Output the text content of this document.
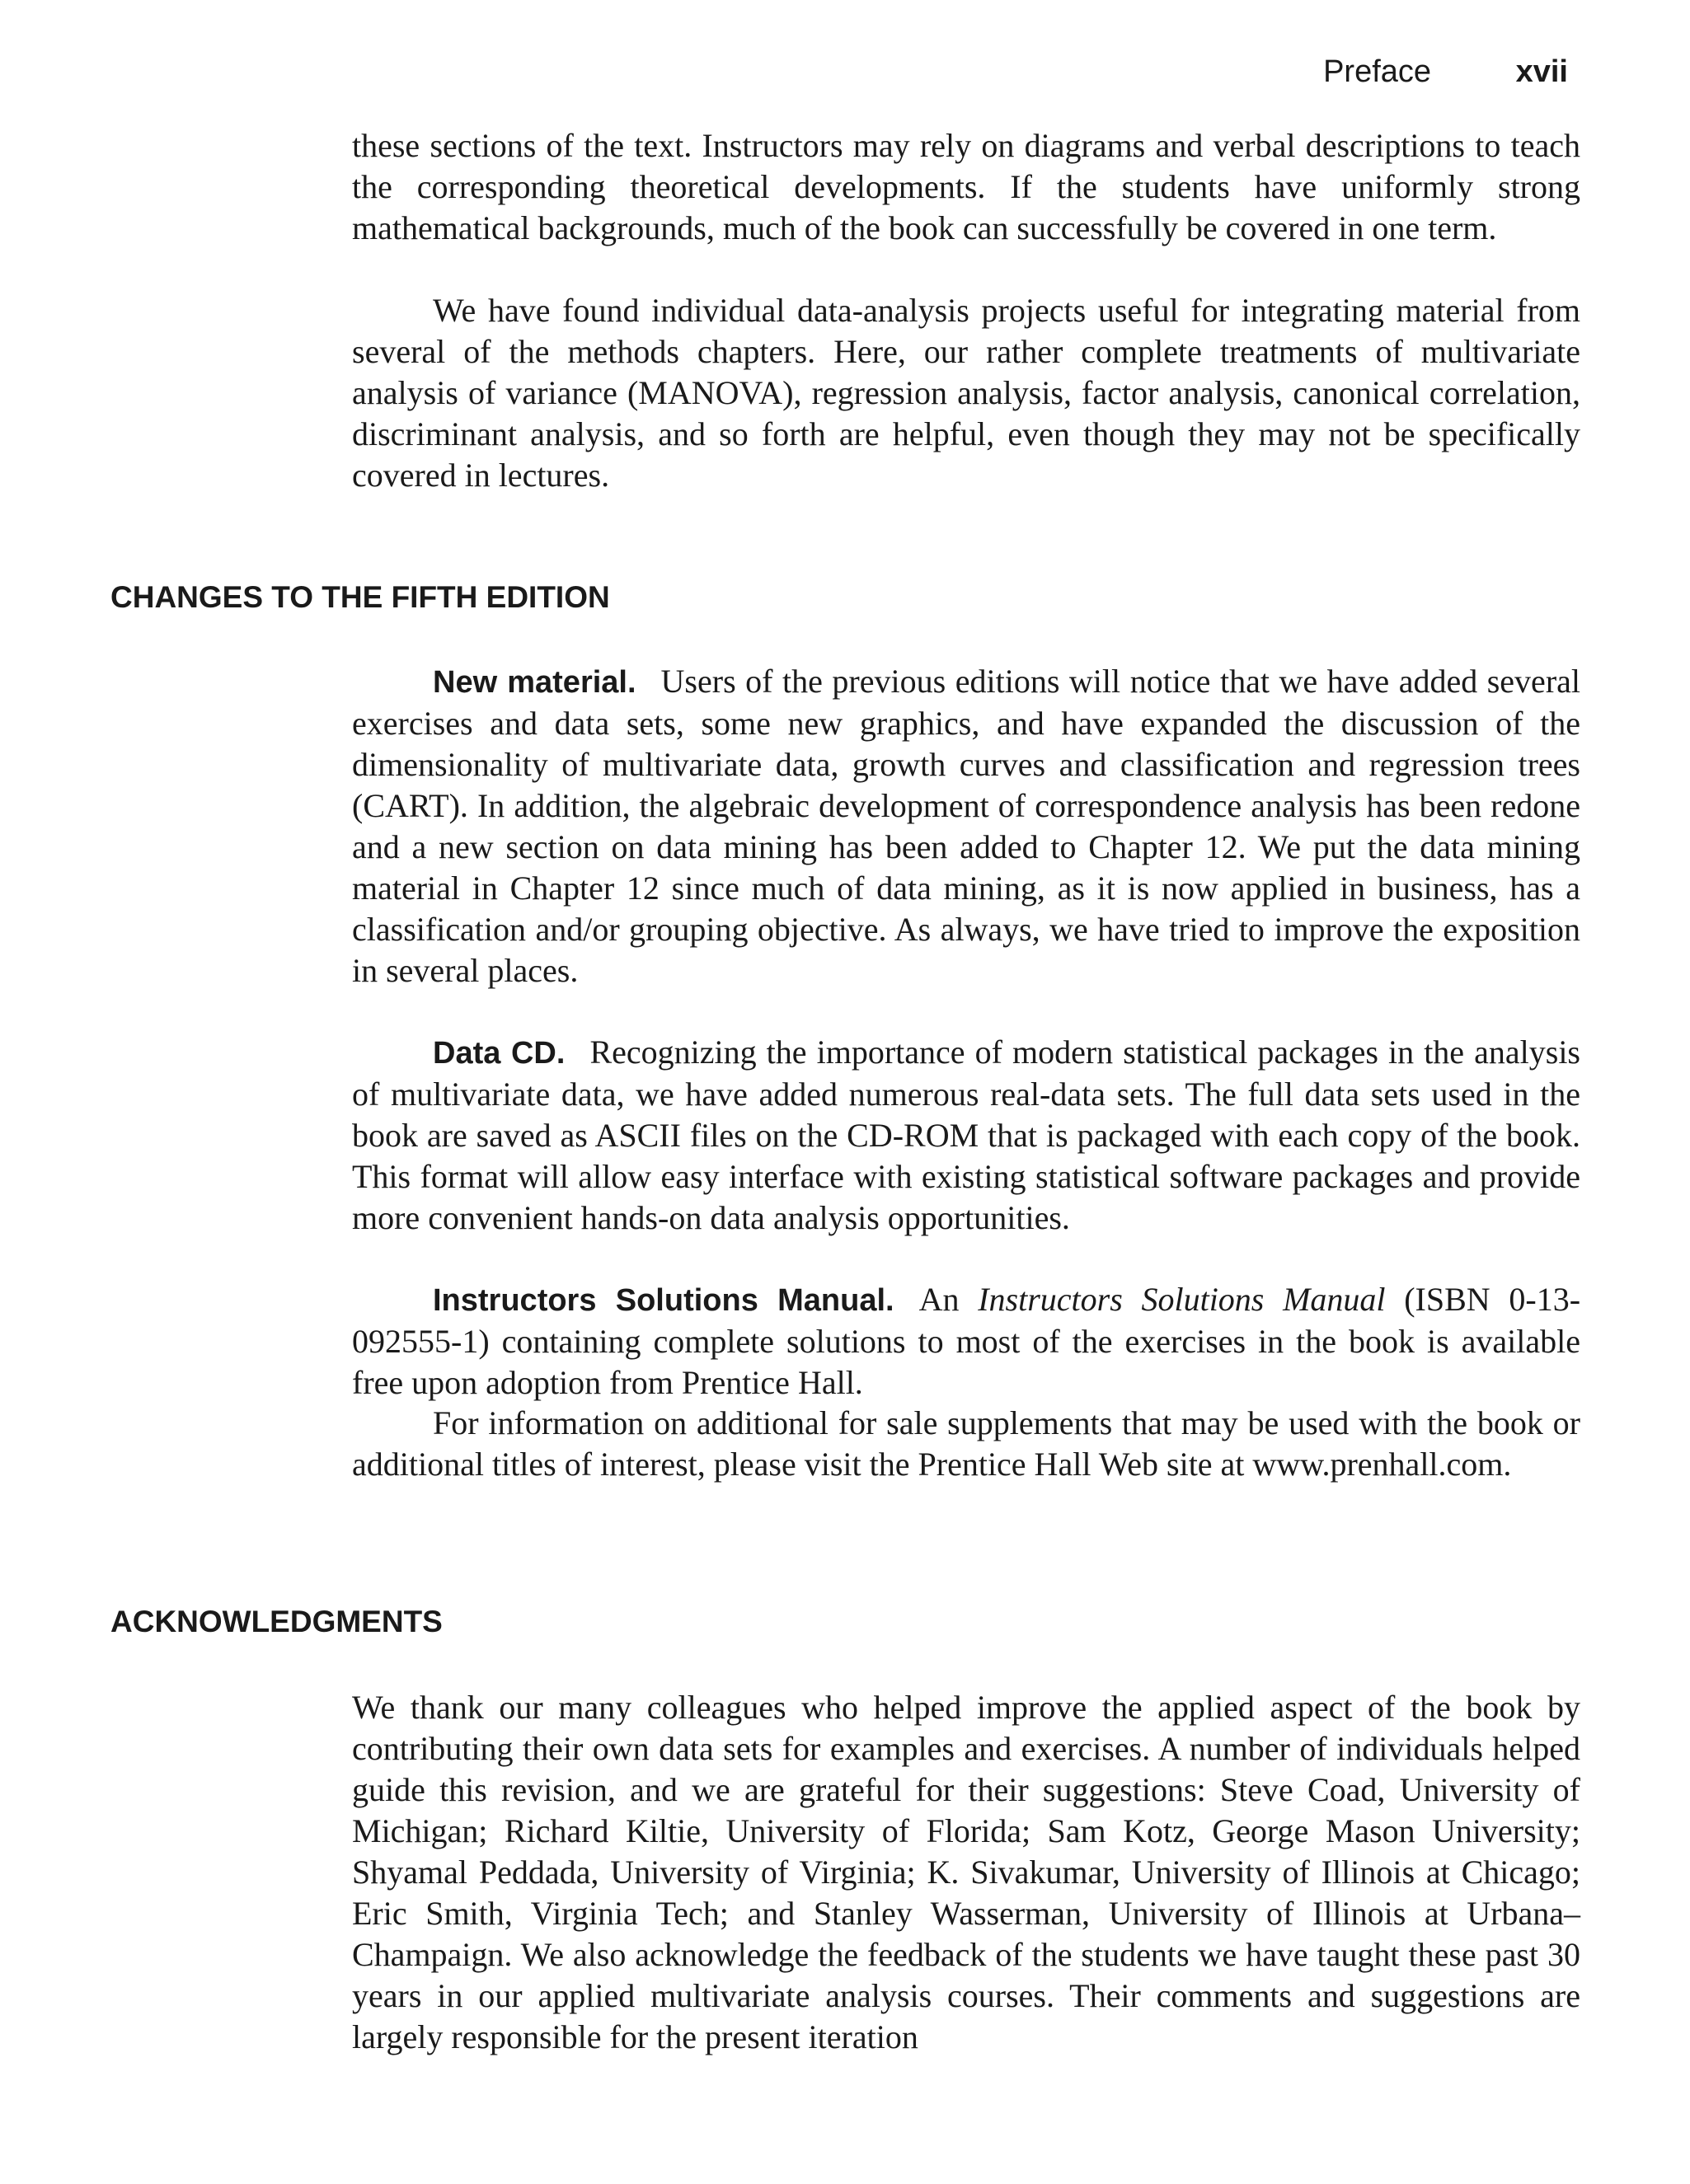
Preface	xvii

these sections of the text. Instructors may rely on diagrams and verbal descriptions to teach the corresponding theoretical developments. If the students have uniformly strong mathematical backgrounds, much of the book can successfully be covered in one term.

We have found individual data-analysis projects useful for integrating material from several of the methods chapters. Here, our rather complete treatments of multivariate analysis of variance (MANOVA), regression analysis, factor analysis, canonical correlation, discriminant analysis, and so forth are helpful, even though they may not be specifically covered in lectures.

CHANGES TO THE FIFTH EDITION

New material. Users of the previous editions will notice that we have added several exercises and data sets, some new graphics, and have expanded the discussion of the dimensionality of multivariate data, growth curves and classification and regression trees (CART). In addition, the algebraic development of correspondence analysis has been redone and a new section on data mining has been added to Chapter 12. We put the data mining material in Chapter 12 since much of data mining, as it is now applied in business, has a classification and/or grouping objective. As always, we have tried to improve the exposition in several places.

Data CD. Recognizing the importance of modern statistical packages in the analysis of multivariate data, we have added numerous real-data sets. The full data sets used in the book are saved as ASCII files on the CD-ROM that is packaged with each copy of the book. This format will allow easy interface with existing statistical software packages and provide more convenient hands-on data analysis opportunities.

Instructors Solutions Manual. An Instructors Solutions Manual (ISBN 0-13-092555-1) containing complete solutions to most of the exercises in the book is available free upon adoption from Prentice Hall.

For information on additional for sale supplements that may be used with the book or additional titles of interest, please visit the Prentice Hall Web site at www.prenhall.com.

ACKNOWLEDGMENTS

We thank our many colleagues who helped improve the applied aspect of the book by contributing their own data sets for examples and exercises. A number of individuals helped guide this revision, and we are grateful for their suggestions: Steve Coad, University of Michigan; Richard Kiltie, University of Florida; Sam Kotz, George Mason University; Shyamal Peddada, University of Virginia; K. Sivakumar, University of Illinois at Chicago; Eric Smith, Virginia Tech; and Stanley Wasserman, University of Illinois at Urbana–Champaign. We also acknowledge the feedback of the students we have taught these past 30 years in our applied multivariate analysis courses. Their comments and suggestions are largely responsible for the present iteration
